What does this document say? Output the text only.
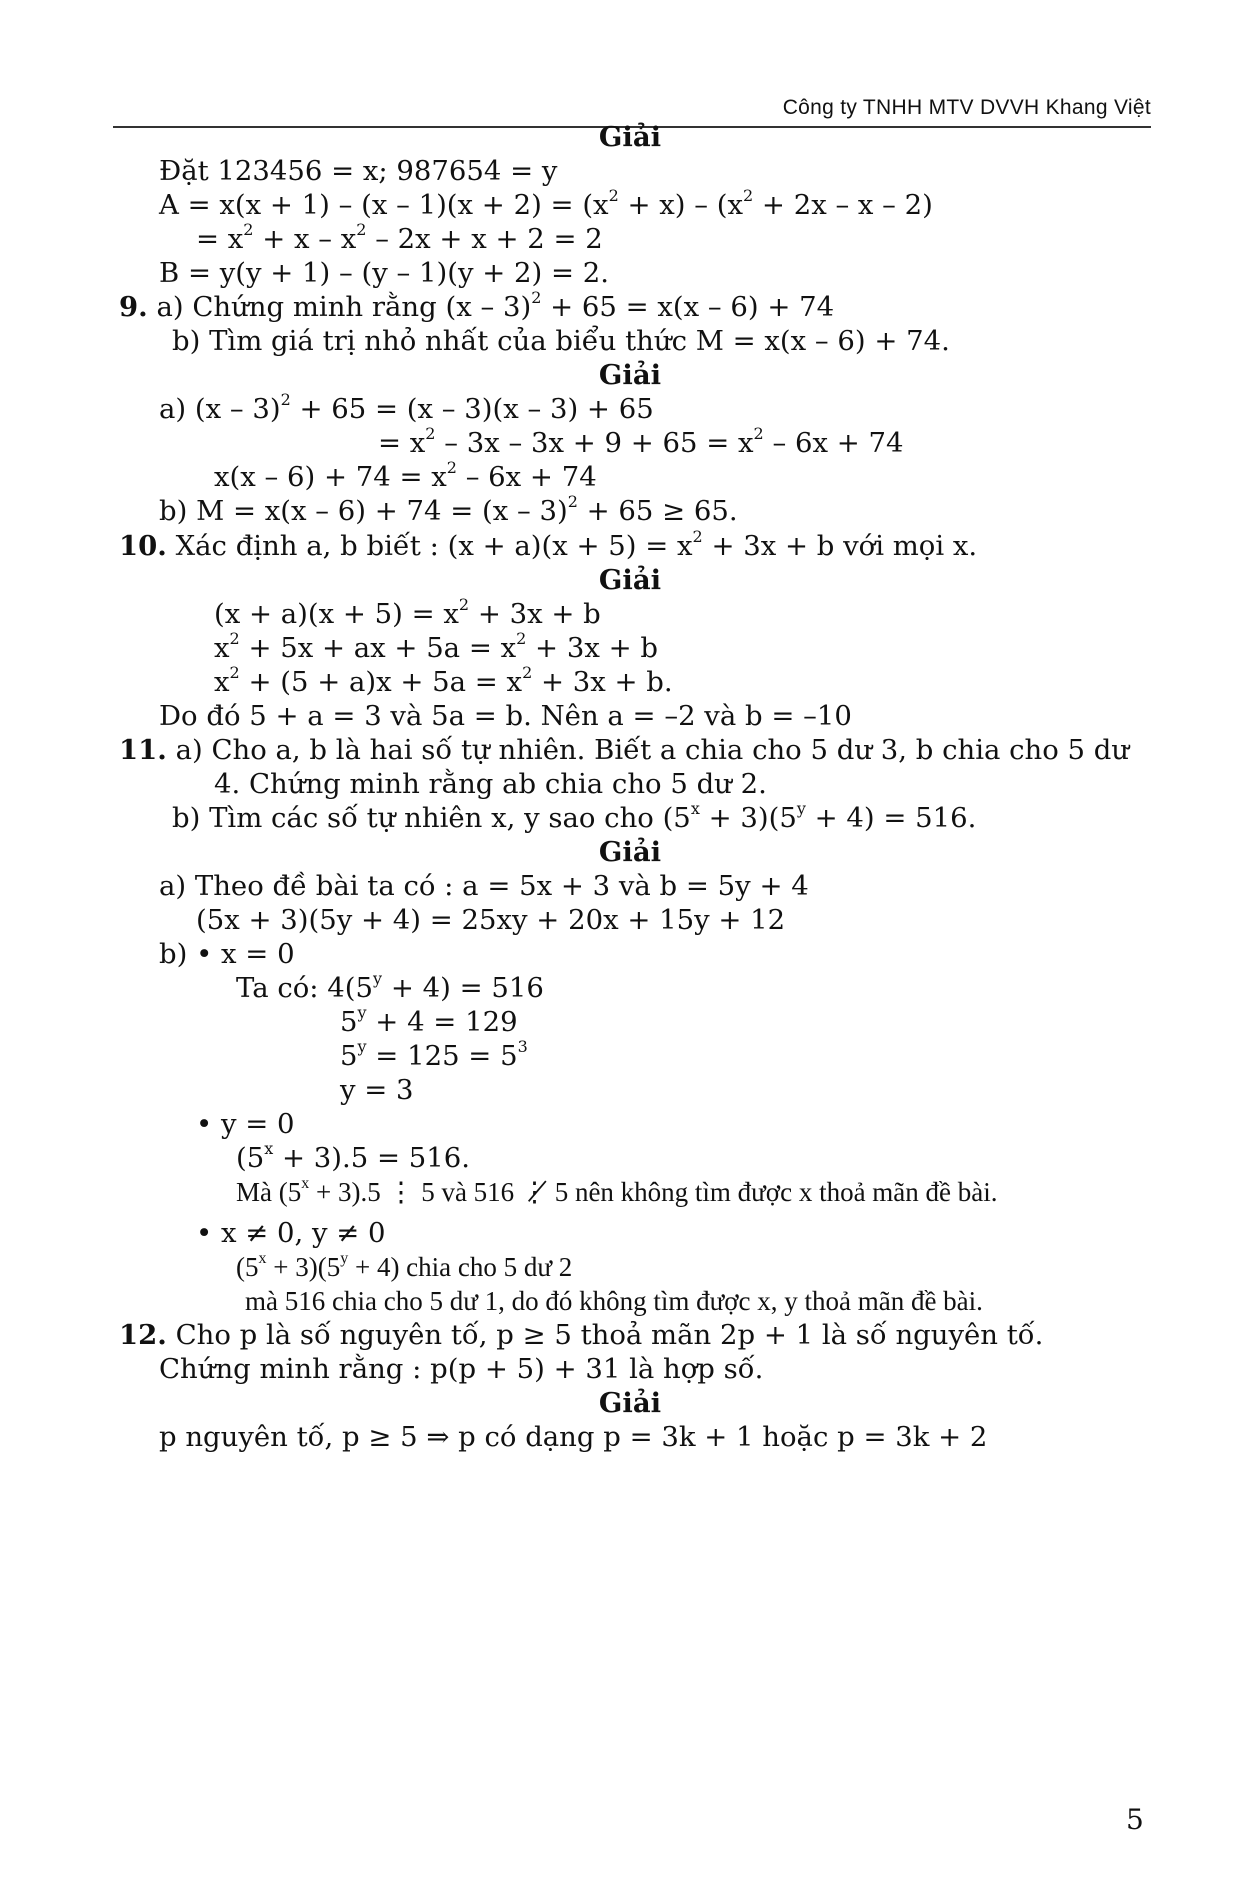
Công ty TNHH MTV DVVH Khang Việt
Giải
Đặt 123456 = x; 987654 = y
$A = x(x + 1) - (x - 1)(x + 2) = (x^2 + x) - (x^2 + 2x - x - 2)$
= $x^2 + x - x^2 - 2x + x + 2 = 2$
B = y(y + 1) – (y – 1)(y + 2) = 2.
9. a) Chứng minh rằng (x – 3)$^2$ + 65 = x(x – 6) + 74
b) Tìm giá trị nhỏ nhất của biểu thức M = x(x – 6) + 74.
Giải
a) (x – 3)$^2$ + 65 = (x – 3)(x – 3) + 65
= $x^2 - 3x - 3x + 9 + 65 = x^2 - 6x + 74$
$x(x - 6) + 74 = x^2 - 6x + 74$
b) M = x(x – 6) + 74 = (x – 3)$^2$ + 65 ≥ 65.
10. Xác định a, b biết : $(x + a)(x + 5) = x^2 + 3x + b$ với mọi x.
Giải
$(x + a)(x + 5) = x^2 + 3x + b$
$x^2 + 5x$ + ax + $5a = x^2 + 3x + b$
$x^2 + (5 + a)x + 5a = x^2 + 3x + b$.
Do đó 5 + a = 3 và 5a = b. Nên a = –2 và b = –10
11. a) Cho a, b là hai số tự nhiên. Biết a chia cho 5 dư 3, b chia cho 5 dư
4. Chứng minh rằng ab chia cho 5 dư 2.
b) Tìm các số tự nhiên x, y sao cho $(5^x + 3)(5^y + 4) = 516$.
Giải
a) Theo đề bài ta có : a = 5x + 3 và b = 5y + 4
(5x + 3)(5y + 4) = 25xy + 20x + 15y + 12
b) • x = 0
Ta có: $4(5^y + 4) = 516$
$5^y + 4 = 129$
$5^y = 125 = 5^3$
y = 3
• y = 0
$(5^x + 3).5 = 516$.
Mà $(5^x + 3).5$ ⋮ 5 và 516 ⋮̸ 5 nên không tìm được x thoả mãn đề bài.
• x ≠ 0, y ≠ 0
$(5^x + 3)(5^y + 4)$ chia cho 5 dư 2
mà 516 chia cho 5 dư 1, do đó không tìm được x, y thoả mãn đề bài.
12. Cho p là số nguyên tố, p ≥ 5 thoả mãn 2p + 1 là số nguyên tố.
Chứng minh rằng : p(p + 5) + 31 là hợp số.
Giải
p nguyên tố, p ≥ 5 ⇒ p có dạng p = 3k + 1 hoặc p = 3k + 2
5
